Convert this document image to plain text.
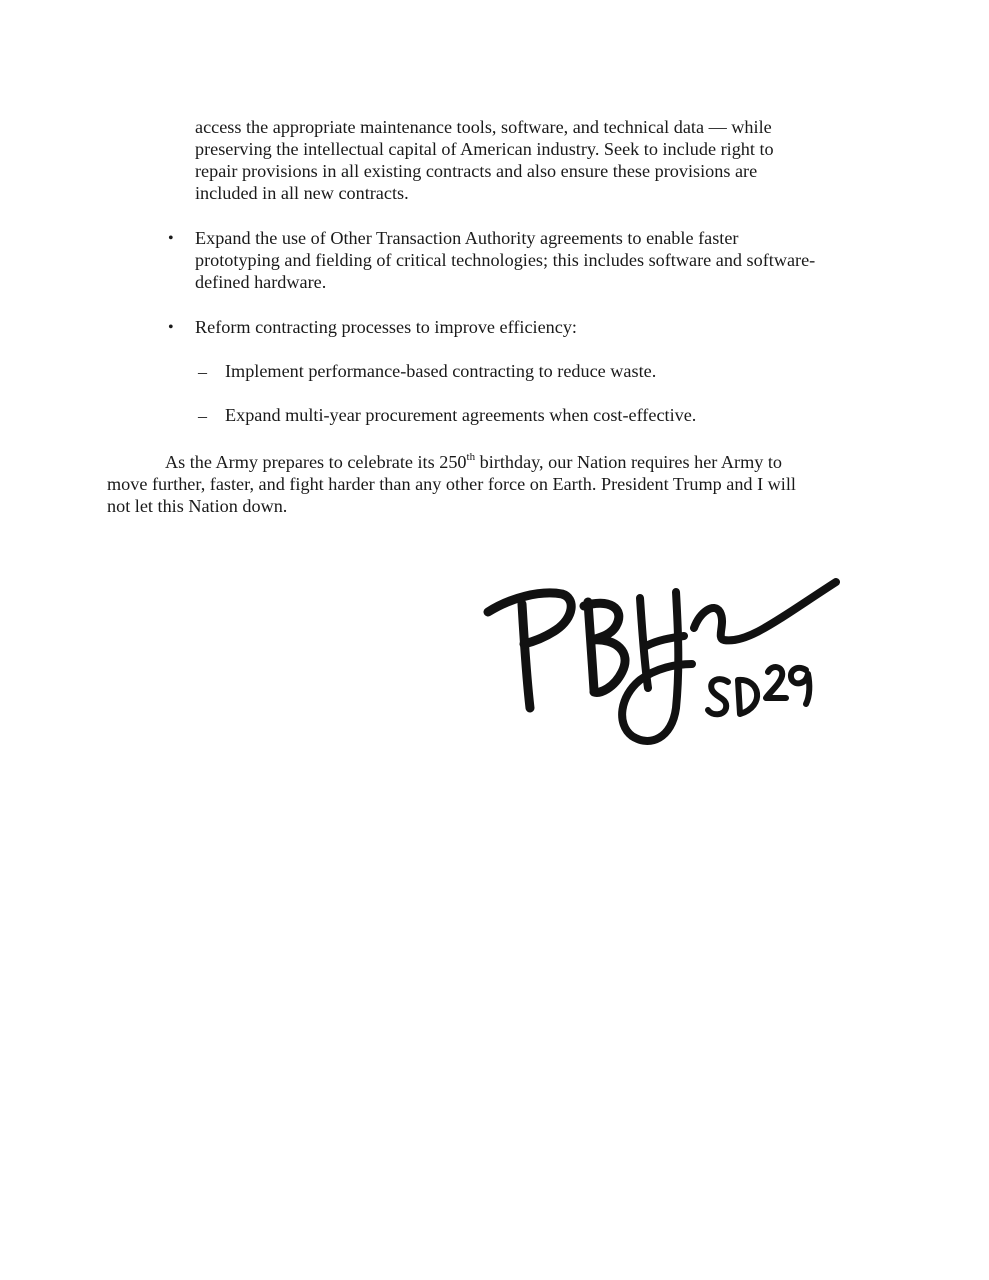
access the appropriate maintenance tools, software, and technical data — while

preserving the intellectual capital of American industry. Seek to include right to

repair provisions in all existing contracts and also ensure these provisions are

included in all new contracts.

• Expand the use of Other Transaction Authority agreements to enable faster

prototyping and fielding of critical technologies; this includes software and software-

defined hardware.

• Reform contracting processes to improve efficiency:

– Implement performance-based contracting to reduce waste.

– Expand multi-year procurement agreements when cost-effective.

As the Army prepares to celebrate its 250th birthday, our Nation requires her Army to

move further, faster, and fight harder than any other force on Earth. President Trump and I will

not let this Nation down.
